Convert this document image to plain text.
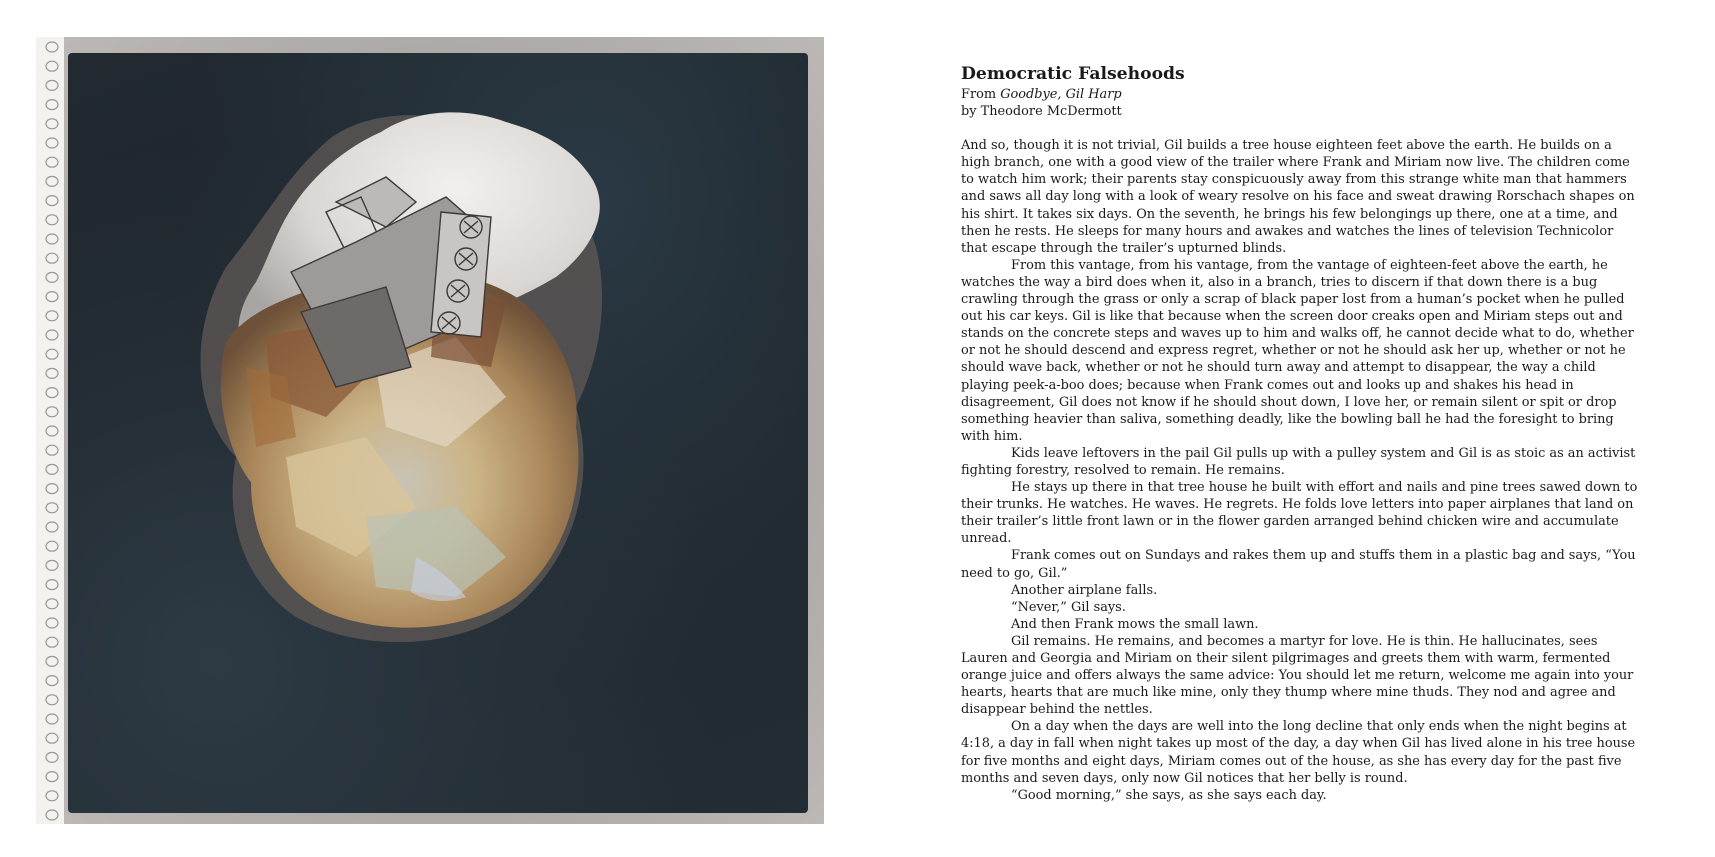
Democratic Falsehoods

From Goodbye, Gil Harp

by Theodore McDermott

And so, though it is not trivial, Gil builds a tree house eighteen feet above the earth. He builds on a high branch, one with a good view of the trailer where Frank and Miriam now live. The children come to watch him work; their parents stay conspicuously away from this strange white man that hammers and saws all day long with a look of weary resolve on his face and sweat drawing Rorschach shapes on his shirt. It takes six days. On the seventh, he brings his few belongings up there, one at a time, and then he rests. He sleeps for many hours and awakes and watches the lines of television Technicolor that escape through the trailer’s upturned blinds.

From this vantage, from his vantage, from the vantage of eighteen-feet above the earth, he watches the way a bird does when it, also in a branch, tries to discern if that down there is a bug crawling through the grass or only a scrap of black paper lost from a human’s pocket when he pulled out his car keys. Gil is like that because when the screen door creaks open and Miriam steps out and stands on the concrete steps and waves up to him and walks off, he cannot decide what to do, whether or not he should descend and express regret, whether or not he should ask her up, whether or not he should wave back, whether or not he should turn away and attempt to disappear, the way a child playing peek-a-boo does; because when Frank comes out and looks up and shakes his head in disagreement, Gil does not know if he should shout down, I love her, or remain silent or spit or drop something heavier than saliva, something deadly, like the bowling ball he had the foresight to bring with him.

Kids leave leftovers in the pail Gil pulls up with a pulley system and Gil is as stoic as an activist fighting forestry, resolved to remain. He remains.

He stays up there in that tree house he built with effort and nails and pine trees sawed down to their trunks. He watches. He waves. He regrets. He folds love letters into paper airplanes that land on their trailer’s little front lawn or in the flower garden arranged behind chicken wire and accumulate unread.

Frank comes out on Sundays and rakes them up and stuffs them in a plastic bag and says, “You need to go, Gil.”

Another airplane falls.

“Never,” Gil says.

And then Frank mows the small lawn.

Gil remains. He remains, and becomes a martyr for love. He is thin. He hallucinates, sees Lauren and Georgia and Miriam on their silent pilgrimages and greets them with warm, fermented orange juice and offers always the same advice: You should let me return, welcome me again into your hearts, hearts that are much like mine, only they thump where mine thuds. They nod and agree and disappear behind the nettles.

On a day when the days are well into the long decline that only ends when the night begins at 4:18, a day in fall when night takes up most of the day, a day when Gil has lived alone in his tree house for five months and eight days, Miriam comes out of the house, as she has every day for the past five months and seven days, only now Gil notices that her belly is round.

“Good morning,” she says, as she says each day.
